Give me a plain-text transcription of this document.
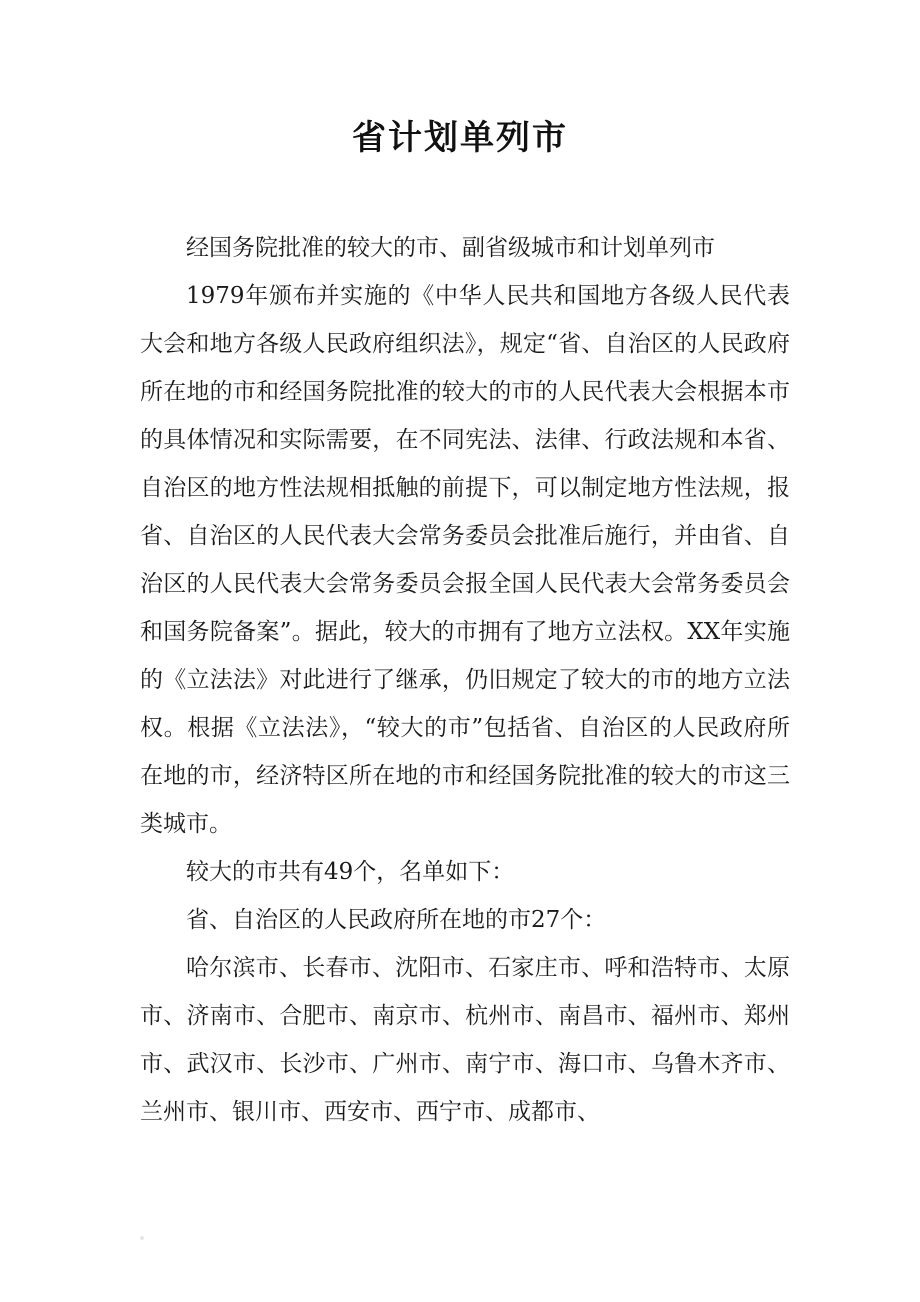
省计划单列市

经国务院批准的较大的市、副省级城市和计划单列市

1979年颁布并实施的《中华人民共和国地方各级人民代表大会和地方各级人民政府组织法》，规定“省、自治区的人民政府所在地的市和经国务院批准的较大的市的人民代表大会根据本市的具体情况和实际需要，在不同宪法、法律、行政法规和本省、自治区的地方性法规相抵触的前提下，可以制定地方性法规，报省、自治区的人民代表大会常务委员会批准后施行，并由省、自治区的人民代表大会常务委员会报全国人民代表大会常务委员会和国务院备案”。据此，较大的市拥有了地方立法权。XX年实施的《立法法》对此进行了继承，仍旧规定了较大的市的地方立法权。根据《立法法》，“较大的市”包括省、自治区的人民政府所在地的市，经济特区所在地的市和经国务院批准的较大的市这三类城市。

较大的市共有49个，名单如下：

省、自治区的人民政府所在地的市27个：

哈尔滨市、长春市、沈阳市、石家庄市、呼和浩特市、太原市、济南市、合肥市、南京市、杭州市、南昌市、福州市、郑州市、武汉市、长沙市、广州市、南宁市、海口市、乌鲁木齐市、兰州市、银川市、西安市、西宁市、成都市、
